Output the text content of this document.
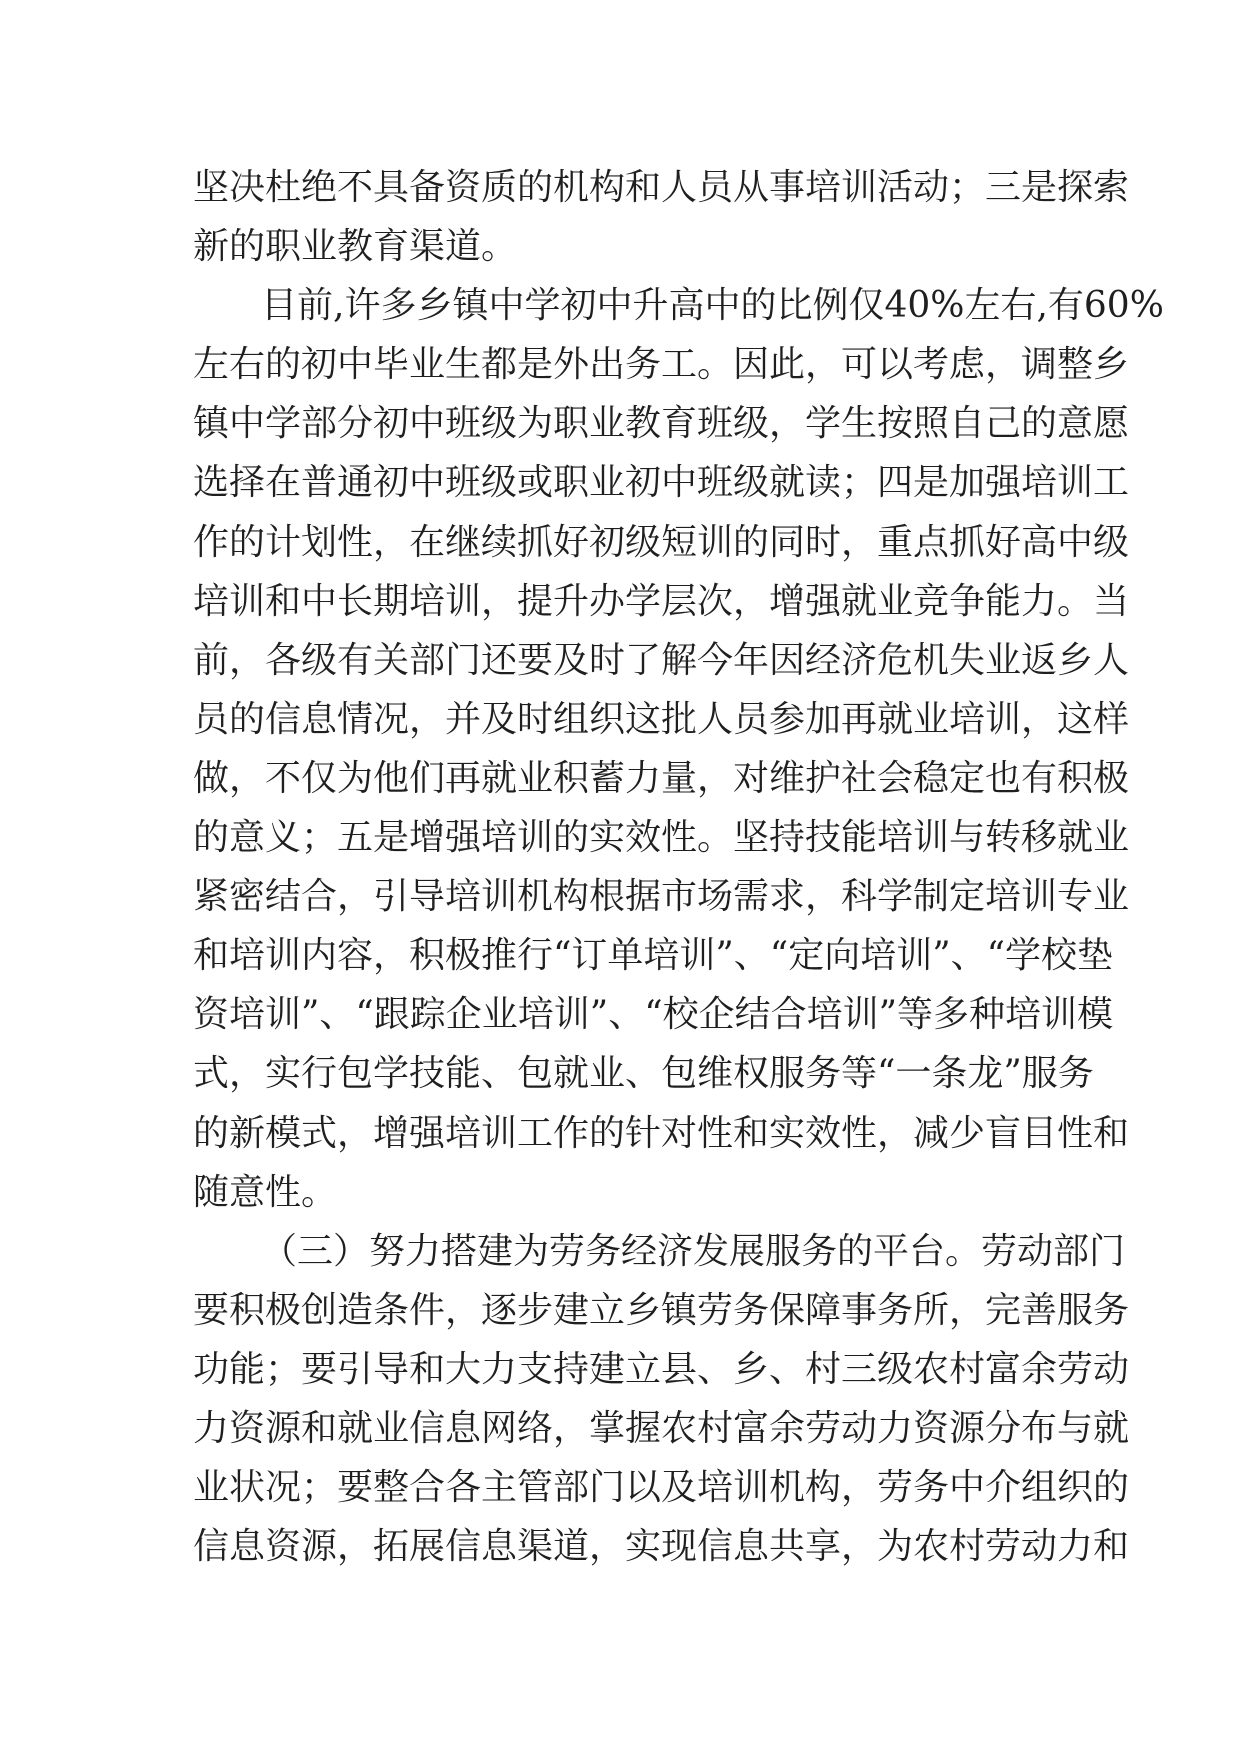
坚决杜绝不具备资质的机构和人员从事培训活动；三是探索
新的职业教育渠道。
目前,许多乡镇中学初中升高中的比例仅40%左右,有60%
左右的初中毕业生都是外出务工。因此，可以考虑，调整乡
镇中学部分初中班级为职业教育班级，学生按照自己的意愿
选择在普通初中班级或职业初中班级就读；四是加强培训工
作的计划性，在继续抓好初级短训的同时，重点抓好高中级
培训和中长期培训，提升办学层次，增强就业竞争能力。当
前，各级有关部门还要及时了解今年因经济危机失业返乡人
员的信息情况，并及时组织这批人员参加再就业培训，这样
做，不仅为他们再就业积蓄力量，对维护社会稳定也有积极
的意义；五是增强培训的实效性。坚持技能培训与转移就业
紧密结合，引导培训机构根据市场需求，科学制定培训专业
和培训内容，积极推行“订单培训”、“定向培训”、“学校垫
资培训”、“跟踪企业培训”、“校企结合培训”等多种培训模
式，实行包学技能、包就业、包维权服务等“一条龙”服务
的新模式，增强培训工作的针对性和实效性，减少盲目性和
随意性。
（三）努力搭建为劳务经济发展服务的平台。劳动部门
要积极创造条件，逐步建立乡镇劳务保障事务所，完善服务
功能；要引导和大力支持建立县、乡、村三级农村富余劳动
力资源和就业信息网络，掌握农村富余劳动力资源分布与就
业状况；要整合各主管部门以及培训机构，劳务中介组织的
信息资源，拓展信息渠道，实现信息共享，为农村劳动力和
